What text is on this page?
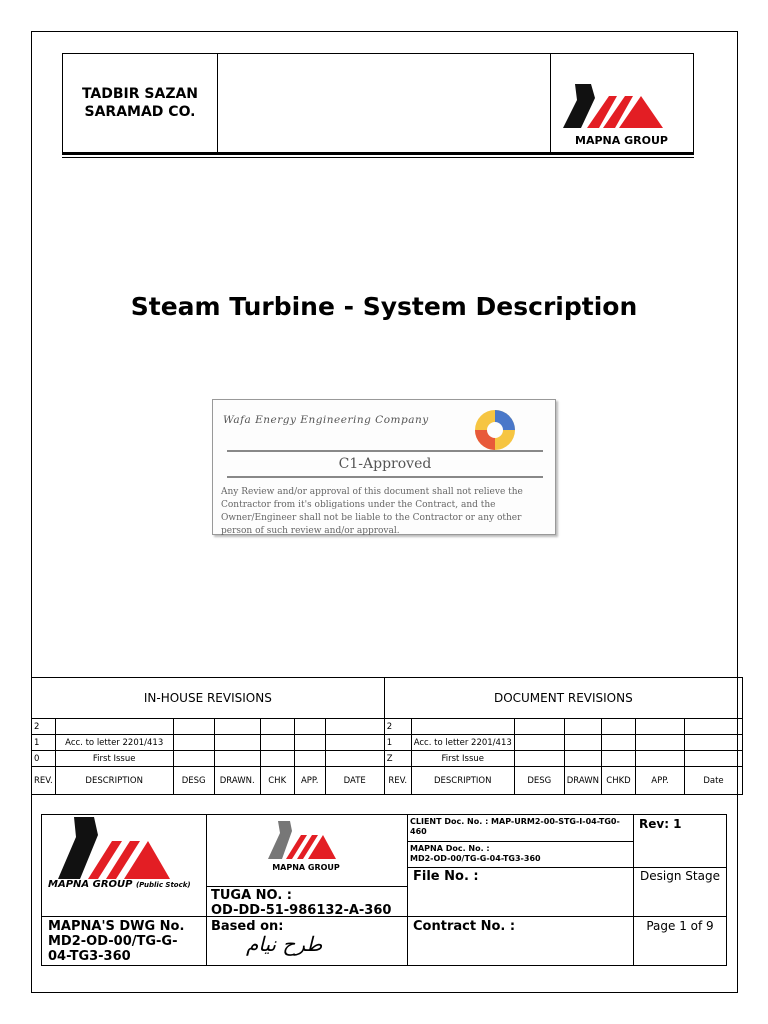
TADBIR SAZAN
SARAMAD CO.
MAPNA GROUP
Steam Turbine - System Description
Wafa Energy Engineering Company
C1-Approved
Any Review and/or approval of this document shall not relieve the Contractor from it's obligations under the Contract, and the Owner/Engineer shall not be liable to the Contractor or any other person of such review and/or approval.
IN-HOUSE REVISIONS							DOCUMENT REVISIONS						
2							2						
1	Acc. to letter 2201/413						1	Acc. to letter 2201/413					
0	First Issue						Z	First Issue					
REV.	DESCRIPTION	DESG	DRAWN.	CHK	APP.	DATE	REV.	DESCRIPTION	DESG	DRAWN	CHKD	APP.	Date
MAPNA GROUP (Public Stock)
MAPNA GROUP
TUGA NO. :
OD-DD-51-986132-A-360
CLIENT Doc. No. : MAP-URM2-00-STG-I-04-TG0-460
MAPNA Doc. No. :
MD2-OD-00/TG-G-04-TG3-360
File No. :
Rev: 1
Design Stage
MAPNA'S DWG No.
MD2-OD-00/TG-G-04-TG3-360
Based on:
طرح نیام
Contract No. :	Page 1 of 9
